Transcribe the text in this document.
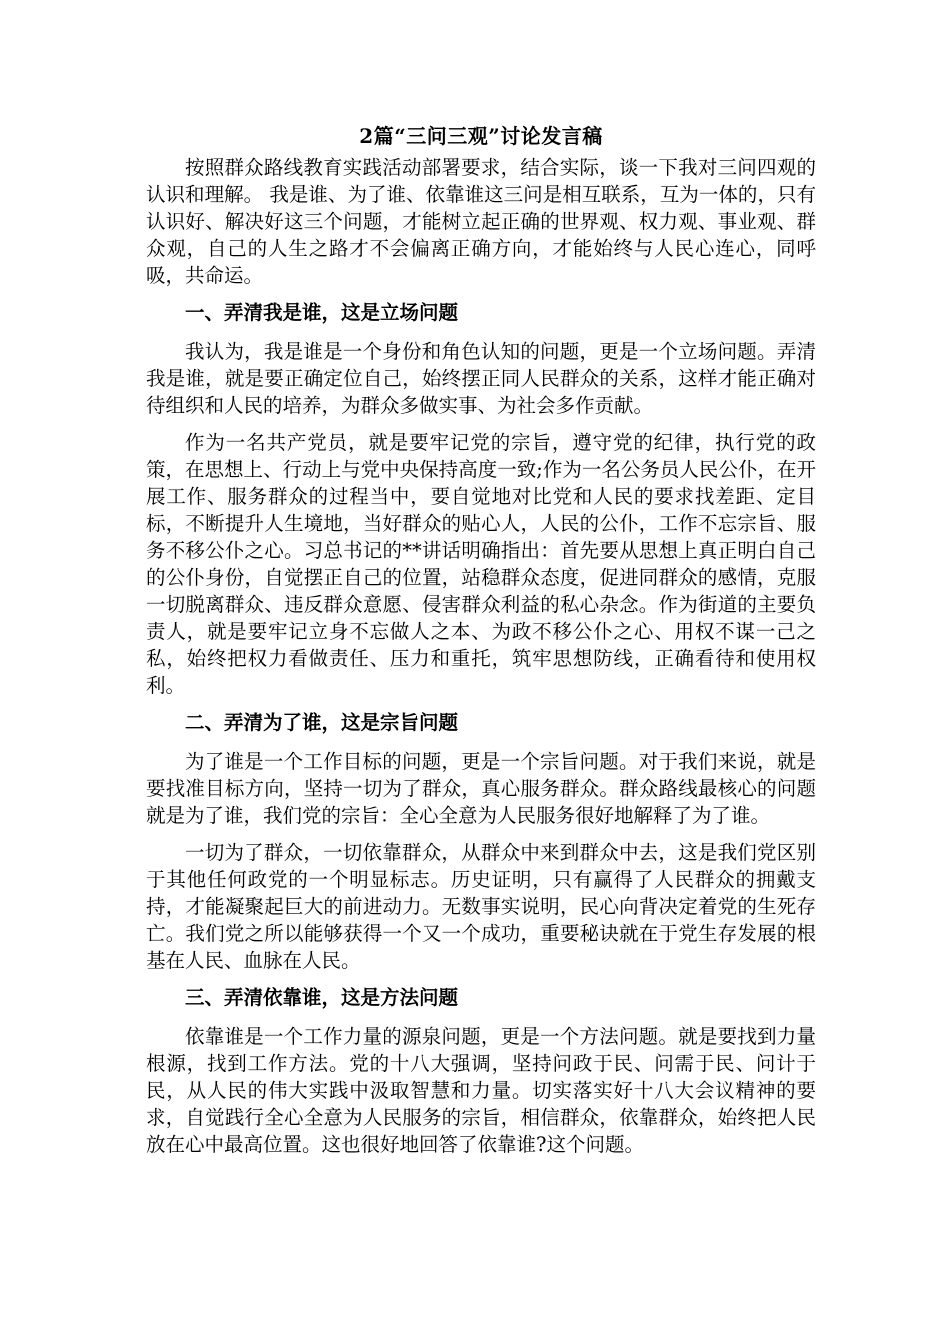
2篇“三问三观”讨论发言稿

按照群众路线教育实践活动部署要求，结合实际，谈一下我对三问四观的认识和理解。 我是谁、为了谁、依靠谁这三问是相互联系，互为一体的，只有认识好、解决好这三个问题，才能树立起正确的世界观、权力观、事业观、群众观，自己的人生之路才不会偏离正确方向，才能始终与人民心连心，同呼吸，共命运。

一、弄清我是谁，这是立场问题

我认为，我是谁是一个身份和角色认知的问题，更是一个立场问题。弄清我是谁，就是要正确定位自己，始终摆正同人民群众的关系，这样才能正确对待组织和人民的培养，为群众多做实事、为社会多作贡献。

作为一名共产党员，就是要牢记党的宗旨，遵守党的纪律，执行党的政策，在思想上、行动上与党中央保持高度一致;作为一名公务员人民公仆，在开展工作、服务群众的过程当中，要自觉地对比党和人民的要求找差距、定目标，不断提升人生境地，当好群众的贴心人，人民的公仆，工作不忘宗旨、服务不移公仆之心。习总书记的**讲话明确指出：首先要从思想上真正明白自己的公仆身份，自觉摆正自己的位置，站稳群众态度，促进同群众的感情，克服一切脱离群众、违反群众意愿、侵害群众利益的私心杂念。作为街道的主要负责人，就是要牢记立身不忘做人之本、为政不移公仆之心、用权不谋一己之私，始终把权力看做责任、压力和重托，筑牢思想防线，正确看待和使用权利。

二、弄清为了谁，这是宗旨问题

为了谁是一个工作目标的问题，更是一个宗旨问题。对于我们来说，就是要找准目标方向，坚持一切为了群众，真心服务群众。群众路线最核心的问题就是为了谁，我们党的宗旨：全心全意为人民服务很好地解释了为了谁。

一切为了群众，一切依靠群众，从群众中来到群众中去，这是我们党区别于其他任何政党的一个明显标志。历史证明，只有赢得了人民群众的拥戴支持，才能凝聚起巨大的前进动力。无数事实说明，民心向背决定着党的生死存亡。我们党之所以能够获得一个又一个成功，重要秘诀就在于党生存发展的根基在人民、血脉在人民。

三、弄清依靠谁，这是方法问题

依靠谁是一个工作力量的源泉问题，更是一个方法问题。就是要找到力量根源，找到工作方法。党的十八大强调，坚持问政于民、问需于民、问计于民，从人民的伟大实践中汲取智慧和力量。切实落实好十八大会议精神的要求，自觉践行全心全意为人民服务的宗旨，相信群众，依靠群众，始终把人民放在心中最高位置。这也很好地回答了依靠谁?这个问题。
